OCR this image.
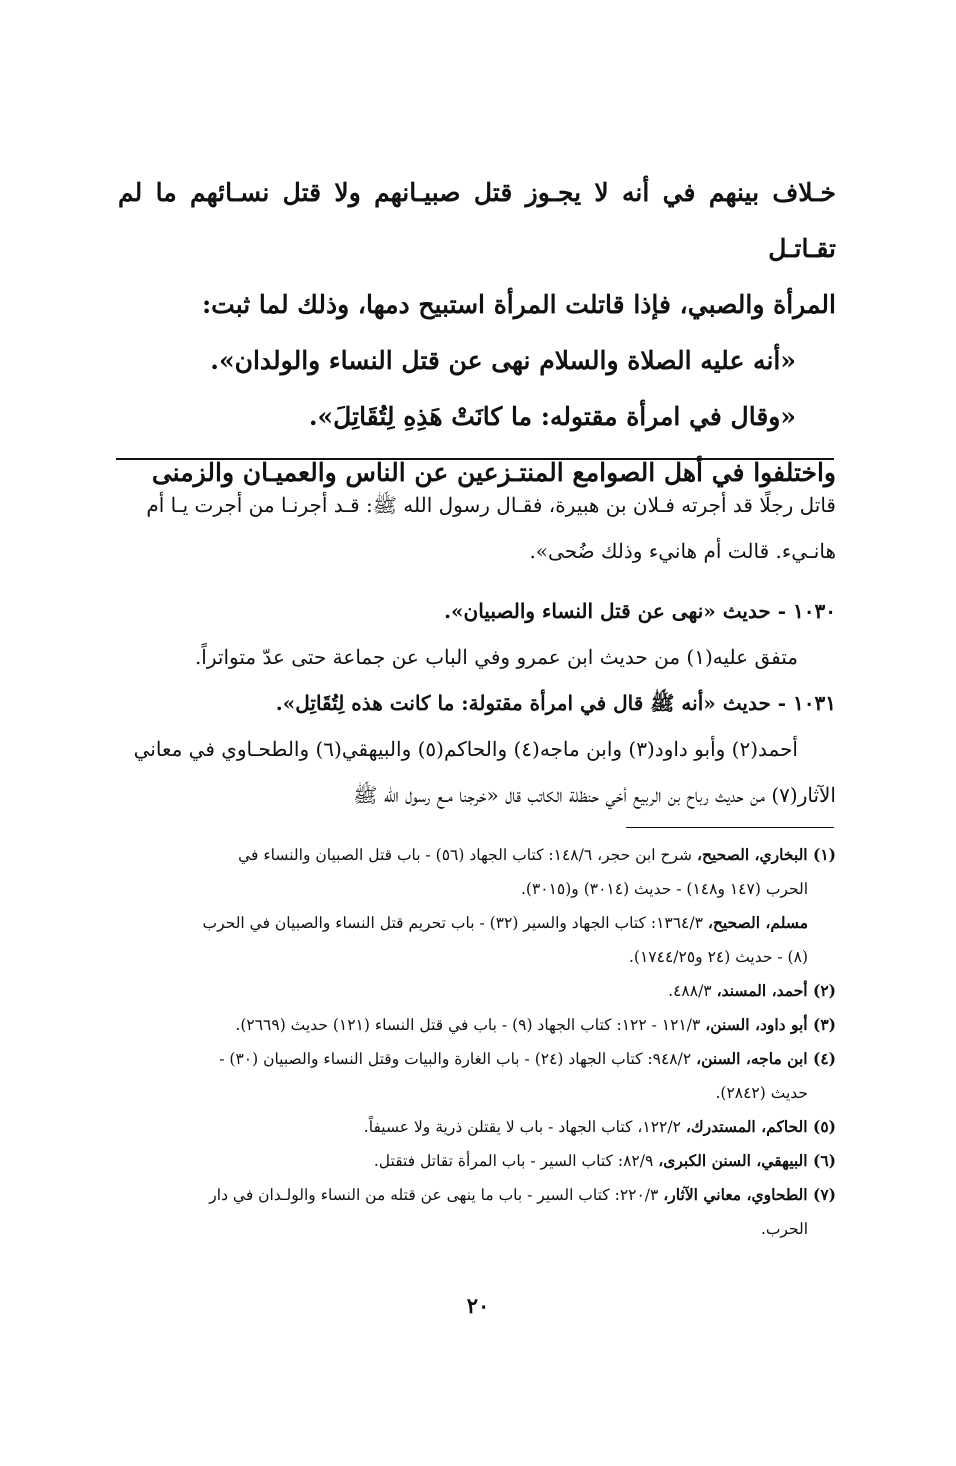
خـلاف بينهم في أنه لا يجـوز قتل صبيـانهم ولا قتل نسـائهم ما لم تقـاتـل

المرأة والصبي، فإذا قاتلت المرأة استبيح دمها، وذلك لما ثبت:

«أنه عليه الصلاة والسلام نهى عن قتل النساء والولدان».

«وقال في امرأة مقتوله: ما كانَتْ هَذِهِ لِتُقَاتِلَ».

واختلفوا في أهل الصوامع المنتـزعين عن الناس والعميـان والزمنى

قاتل رجلًا قد أجرته فـلان بن هبيرة، فقـال رسول الله ﷺ: قـد أجرنـا من أجرت يـا أم

هانـيء. قالت أم هانيء وذلك ضُحى».

١٠٣٠ - حديث «نهى عن قتل النساء والصبيان».

متفق عليه(١) من حديث ابن عمرو وفي الباب عن جماعة حتى عدّ متواتراً.

١٠٣١ - حديث «أنه ﷺ قال في امرأة مقتولة: ما كانت هذه لِتُقَاتِل».

أحمد(٢) وأبو داود(٣) وابن ماجه(٤) والحاكم(٥) والبيهقي(٦) والطحـاوي في معاني

الآثار(٧) من حديث رباح بن الربيع أخي حنظلة الكاتب قال «خرجنا مـع رسول الله ﷺ

(١) البخاري، الصحيح، شرح ابن حجر، ١٤٨/٦: كتاب الجهاد (٥٦) - باب قتل الصبيان والنساء في
الحرب (١٤٧ و١٤٨) - حديث (٣٠١٤) و(٣٠١٥).
مسلم، الصحيح، ١٣٦٤/٣: كتاب الجهاد والسير (٣٢) - باب تحريم قتل النساء والصبيان في الحرب
(٨) - حديث (٢٤ و١٧٤٤/٢٥).
(٢) أحمد، المسند، ٤٨٨/٣.
(٣) أبو داود، السنن، ١٢١/٣ - ١٢٢: كتاب الجهاد (٩) - باب في قتل النساء (١٢١) حديث (٢٦٦٩).
(٤) ابن ماجه، السنن، ٩٤٨/٢: كتاب الجهاد (٢٤) - باب الغارة والبيات وقتل النساء والصبيان (٣٠) -
حديث (٢٨٤٢).
(٥) الحاكم، المستدرك، ١٢٢/٢، كتاب الجهاد - باب لا يقتلن ذرية ولا عسيفاً.
(٦) البيهقي، السنن الكبرى، ٨٢/٩: كتاب السير - باب المرأة تقاتل فتقتل.
(٧) الطحاوي، معاني الآثار، ٢٢٠/٣: كتاب السير - باب ما ينهى عن قتله من النساء والولـدان في دار
الحرب.
٢٠
